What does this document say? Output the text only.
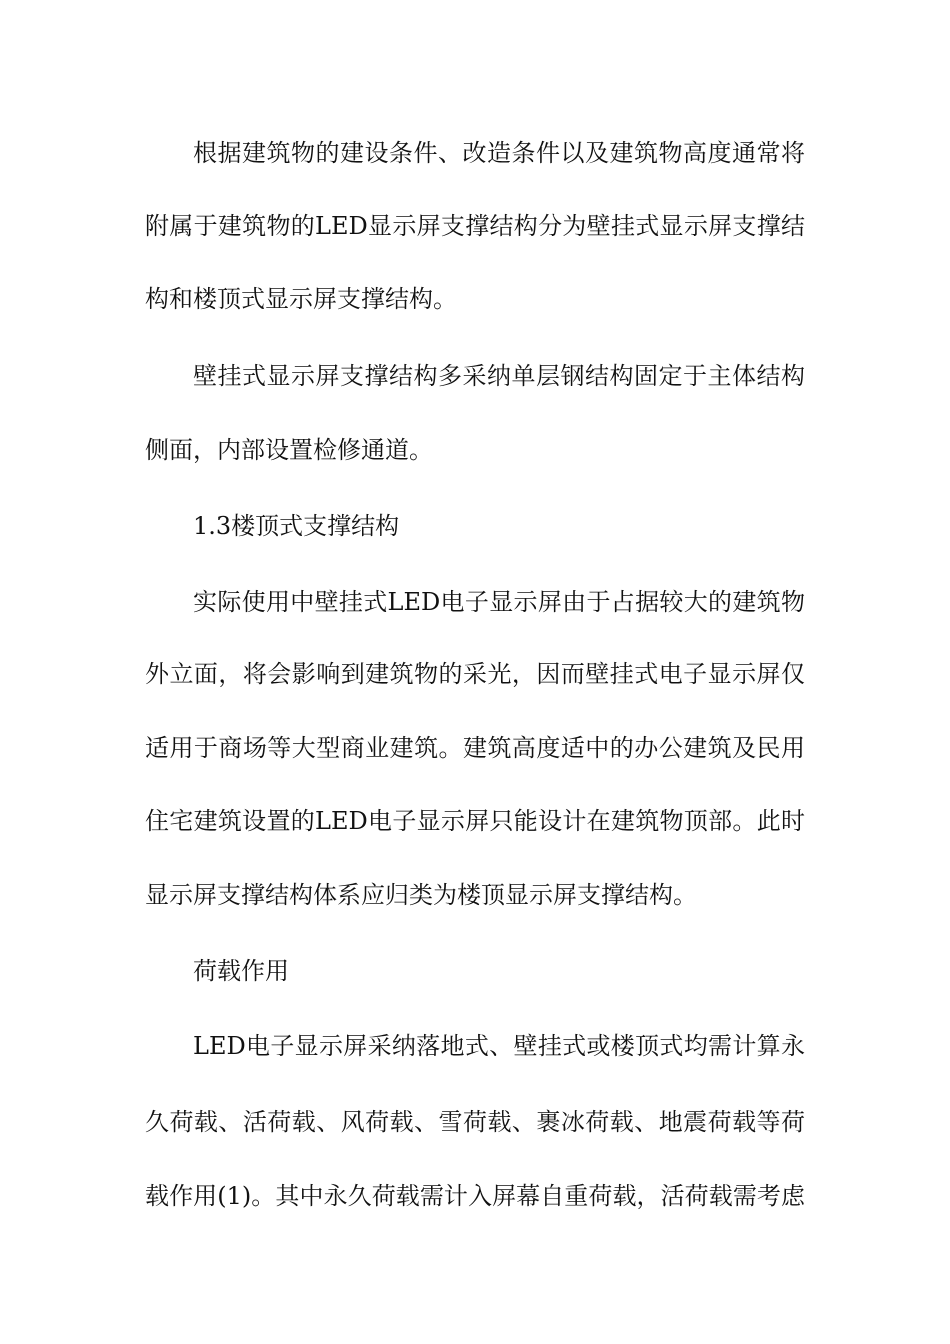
根据建筑物的建设条件、改造条件以及建筑物高度通常将
附属于建筑物的LED显示屏支撑结构分为壁挂式显示屏支撑结
构和楼顶式显示屏支撑结构。
壁挂式显示屏支撑结构多采纳单层钢结构固定于主体结构
侧面，内部设置检修通道。
1.3楼顶式支撑结构
实际使用中壁挂式LED电子显示屏由于占据较大的建筑物
外立面，将会影响到建筑物的采光，因而壁挂式电子显示屏仅
适用于商场等大型商业建筑。建筑高度适中的办公建筑及民用
住宅建筑设置的LED电子显示屏只能设计在建筑物顶部。此时
显示屏支撑结构体系应归类为楼顶显示屏支撑结构。
荷载作用
LED电子显示屏采纳落地式、壁挂式或楼顶式均需计算永
久荷载、活荷载、风荷载、雪荷载、裹冰荷载、地震荷载等荷
载作用(1)。其中永久荷载需计入屏幕自重荷载，活荷载需考虑
